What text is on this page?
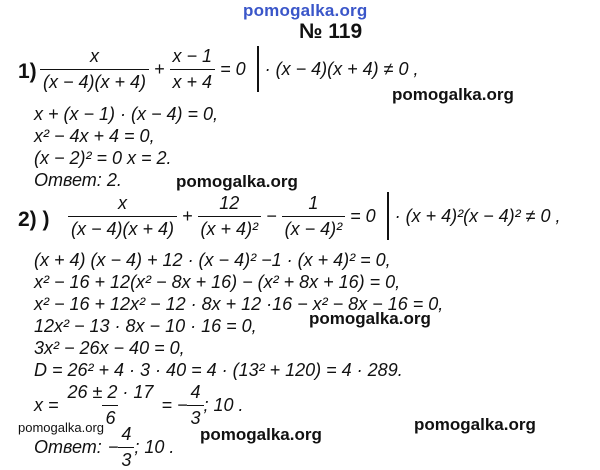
pomogalka.org
pomogalka.org
pomogalka.org
pomogalka.org
pomogalka.org
pomogalka.org
pomogalka.org
№ 119
$1) \frac{x}{(x - 4)(x + 4)} + \frac{x - 1}{x + 4} = 0 \cdot (x - 4)(x + 4) \ne 0$ ,
x + (x − 1) · (x − 4) = 0,
x² − 4x + 4 = 0,
(x − 2)² = 0 x = 2.
Ответ: 2.
2) ) $\frac{x}{(x - 4)(x + 4)} + \frac{12}{\text{(x + 4)²}} - \frac{1}{\text{(x − 4)²}} = 0 \cdot (x + 4)^2(x - 4)^2 \ne 0$ ,
(x + 4) (x − 4) + 12 · (x − 4)² −1 · (x + 4)² = 0,
x² − 16 + 12(x² − 8x + 16) − (x² + 8x + 16) = 0,
x² − 16 + 12x² − 12 · 8x + 12 ·16 − x² − 8x − 16 = 0,
12x² − 13 · 8x − 10 · 16 = 0,
3x² − 26x − 40 = 0,
D = 26² + 4 · 3 · 40 = 4 · (13² + 120) = 4 · 289.
$x = \frac{26 \pm 2 \cdot 17}{6}$ = − $\frac{4}{3}$ ; 10 .
Ответ: − $\frac{4}{3}$ ; 10 .
